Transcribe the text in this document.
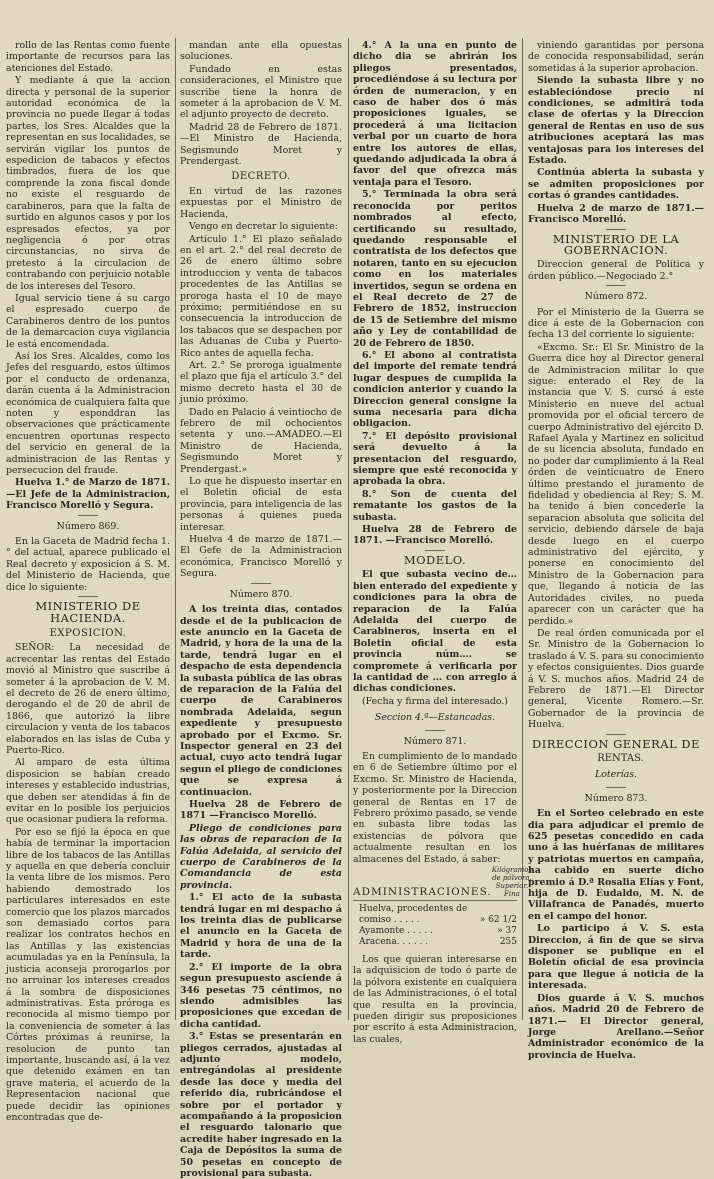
rollo de las Rentas como fuente importante de recursos para las atenciones del Estado.

Y mediante á que la accion directa y personal de la superior autoridad económica de la provincia no puede llegar á todas partes, los Sres. Alcaldes que la representan en sus localidades, se servirán vigilar los puntos de espedicion de tabacos y efectos timbrados, fuera de los que comprende la zona fiscal donde no existe el resguardo de carabineros, para que la falta de surtido en algunos casos y por los espresados efectos, ya por negligencia ó por otras circunstancias, no sirva de pretesto á la circulacion de contrabando con perjuicio notable de los intereses del Tesoro.

Igual servicio tiene á su cargo el espresado cuerpo de Carabineros dentro de los puntos de la demarcacion cuya vigilancia le está encomendada.

Así los Sres. Alcaldes, como los Jefes del resguardo, estos últimos por el conducto de ordenanza, darán cuenta á la Administracion económica de cualquiera falta que noten y esponddran las observaciones que prácticamente encuentren oportunas respecto del servicio en general de la administracion de las Rentas y persecucion del fraude.

Huelva 1.° de Marzo de 1871. —El Jefe de la Administracion, Francisco Morelló y Segura.

Número 869.

En la Gaceta de Madrid fecha 1.° del actual, aparece publicado el Real decreto y exposicion á S. M. del Ministerio de Hacienda, que dice lo siguiente:

MINISTERIO DE HACIENDA.
EXPOSICION.

SEÑOR: La necesidad de acrecentar las rentas del Estado movió al Ministro que suscribe á someter á la aprobacion de V. M. el decreto de 26 de enero último, derogando el de 20 de abril de 1866, que autorizó la libre circulacion y venta de los tabacos elaborados en las islas de Cuba y Puerto-Rico.

Al amparo de esta última disposicion se habían creado intereses y establecido industrias, que deben ser atendidas á fin de evitar en lo posible los perjuicios que ocasionar pudiera la reforma.

Por eso se fijó la época en que había de terminar la importacion libre de los tabacos de las Antillas y aquella en que debería concluir la venta libre de los mismos. Pero habiendo demostrado los particulares interesados en este comercio que los plazos marcados son demasiado cortos para realizar los contratos hechos en las Antillas y las existencias acumuladas ya en la Península, la justicia aconseja prorogarlos por no arruinar los intereses creados á la sombra de disposiciones administrativas. Esta próroga es reconocida al mismo tiempo por la conveniencia de someter á las Córtes próximas á reunirse, la resolucion de punto tan importante, buscando así, á la vez que detenido exámen en tan grave materia, el acuerdo de la Representacion nacional que puede decidir las opiniones encontradas que de-

mandan ante ella opuestas soluciones.

Fundado en estas consideraciones, el Ministro que suscribe tiene la honra de someter á la aprobacion de V. M. el adjunto proyecto de decreto.

Madrid 28 de Febrero de 1871.—El Ministro de Hacienda, Segismundo Moret y Prendergast.

DECRETO.

En virtud de las razones expuestas por el Ministro de Hacienda,

Vengo en decretar lo siguiente:

Artículo 1.° El plazo señalado en el art. 2.° del real decreto de 26 de enero último sobre introduccion y venta de tabacos procedentes de las Antillas se proroga hasta el 10 de mayo próximo; permitiéndose en su consecuencia la introduccion de los tabacos que se despachen por las Aduanas de Cuba y Puerto-Rico antes de aquella fecha.

Art. 2.° Se proroga igualmente el plazo que fija el artículo 3.° del mismo decreto hasta el 30 de junio próximo.

Dado en Palacio á veintiocho de febrero de mil ochocientos setenta y uno.—AMADEO.—El Ministro de Hacienda, Segismundo Moret y Prendergast.»

Lo que he dispuesto insertar en el Boletin oficial de esta provincia, para inteligencia de las personas á quienes pueda interesar.

Huelva 4 de marzo de 1871.—El Gefe de la Administracion económica, Francisco Morelló y Segura.

Número 870.

A los treinta dias, contados desde el de la publicacion de este anuncio en la Gaceta de Madrid, y hora de la una de la tarde, tendrá lugar en el despacho de esta dependencia la subasta pública de las obras de reparacion de la Falúa del cuerpo de Carabineros nombrada Adelaida, segun expediente y presupuesto aprobado por el Excmo. Sr. Inspector general en 23 del actual, cuyo acto tendrá lugar segun el pliego de condiciones que se expresa á continuacion.

Huelva 28 de Febrero de 1871 —Francisco Morelló.

Pliego de condiciones para las obras de reparacion de la Falúa Adelaida, al servicio del cuerpo de Carabineros de la Comandancia de esta provincia.

1.° El acto de la subasta tendrá lugar en mi despacho á los treinta dias de publicarse el anuncio en la Gaceta de Madrid y hora de una de la tarde.

2.° El importe de la obra segun presupuesto asciende á 346 pesetas 75 céntimos, no siendo admisibles las proposiciones que excedan de dicha cantidad.

3.° Estas se presentarán en pliegos cerrados, ajustadas al adjunto modelo, entregándolas al presidente desde las doce y media del referido dia, rubricándose el sobre por el portador y acompañando á la proposicion el resguardo talonario que acredite haber ingresado en la Caja de Depósitos la suma de 50 pesetas en concepto de provisional para subasta.

4.° A la una en punto de dicho dia se abrirán los pliegos presentados, procediéndose á su lectura por órden de numeracion, y en caso de haber dos ó más proposiciones iguales, se procederá á una licitacion verbal por un cuarto de hora entre los autores de ellas, quedando adjudicada la obra á favor del que ofrezca más ventaja para el Tesoro.

5.° Terminada la obra será reconocida por peritos nombrados al efecto, certificando su resultado, quedando responsable el contratista de los defectos que notaren, tanto en su ejecucion como en los materiales invertidos, segun se ordena en el Real decreto de 27 de Febrero de 1852, instruccion de 15 de Setiembre del mismo año y Ley de contabilidad de 20 de Febrero de 1850.

6.° El abono al contratista del importe del remate tendrá lugar despues de cumplida la condicion anterior y cuando la Direccion general consigne la suma necesaria para dicha obligacion.

7.° El depósito provisional será devuelto á la presentacion del resguardo, siempre que esté reconocida y aprobada la obra.

8.° Son de cuenta del rematante los gastos de la subasta.

Huelva 28 de Febrero de 1871. —Francisco Morelló.

MODELO.

El que subasta vecino de… bien enterado del expediente y condiciones para la obra de reparacion de la Falúa Adelaida del cuerpo de Carabineros, inserta en el Boletin oficial de esta provincia núm…. se compromete á verificarla por la cantidad de … con arreglo á dichas condiciones.

(Fecha y firma del interesado.)

Seccion 4.ª—Estancadas.

Número 871.

En cumplimiento de lo mandado en 6 de Setiembre último por el Excmo. Sr. Ministro de Hacienda, y posteriormente por la Direccion general de Rentas en 17 de Febrero próximo pasado, se vende en subasta libre todas las existencias de pólvora que actualmente resultan en los almacenes del Estado, á saber:

ADMINISTRACIONES.
Kilógramos de pólvora.
Superior. Fina
Huelva, procedentes de
comiso . . . . .	» 62 1/2
Ayamonte . . . . .	» 37
Aracena. . . . . .	255

Los que quieran interesarse en la adquisicion de todo ó parte de la pólvora existente en cualquiera de las Administraciones, ó el total que resulta en la provincia, pueden dirigir sus proposiciones por escrito á esta Administracion, las cuales,

viniendo garantidas por persona de conocida responsabilidad, serán sometidas á la superior aprobacion.

Siendo la subasta libre y no establecióndose precio ni condiciones, se admitirá toda clase de ofertas y la Direccion general de Rentas en uso de sus atribuciones aceptará las mas ventajosas para los intereses del Estado.

Continúa abierta la subasta y se admiten proposiciones por cortas ó grandes cantidades.

Huelva 2 de marzo de 1871.— Francisco Morelló.

MINISTERIO DE LA GOBERNACION.

Direccion general de Política y órden público.—Negociado 2.°

Número 872.

Por el Ministerio de la Guerra se dice á este de la Gobernacion con fecha 13 del corriente lo siguiente:

«Excmo. Sr.: El Sr. Ministro de la Guerra dice hoy al Director general de Administracion militar lo que sigue: enterado el Rey de la instancia que V. S. cursó á este Ministerio en nueve del actual promovida por el oficial tercero de cuerpo Administrativo del ejército D. Rafael Ayala y Martinez en solicitud de su licencia absoluta, fundado en no poder dar cumplimiento á la Real órden de veinticuatro de Enero último prestando el juramento de fidelidad y obediencia al Rey; S. M. ha tenido á bien concederle la separacion absoluta que solicita del servicio, debiendo dársele de baja desde luego en el cuerpo administrativo del ejército, y ponerse en conocimiento del Ministro de la Gobernacion para que, llegando á noticia de las Autoridades civiles, no pueda aparecer con un carácter que ha perdido.»

De real órden comunicada por el Sr. Ministro de la Gobernacion lo traslado á V. S. para su conocimiento y efectos consiguientes. Dios guarde á V. S. muchos años. Madrid 24 de Febrero de 1871.—El Director general, Vicente Romero.—Sr. Gobernador de la provincia de Huelva.

DIRECCION GENERAL DE

RENTAS.

Loterías.

Número 873.

En el Sorteo celebrado en este dia para adjudicar el premio de 625 pesetas concedido en cada uno á las huérfanas de militares y patriotas muertos en campaña, ha cabido en suerte dicho premio á D.ª Rosalia Elías y Font, hija de D. Eudaldo, M. N. de Villafranca de Panadés, muerto en el campo del honor.

Lo participo á V. S. esta Direccion, á fin de que se sirva disponer se publique en el Boletín oficial de esa provincia para que llegue á noticia de la interesada.

Dios guarde á V. S. muchos años. Madrid 20 de Febrero de 1871.— El Director general, Jorge Arellano.—Señor Administrador económico de la provincia de Huelva.
